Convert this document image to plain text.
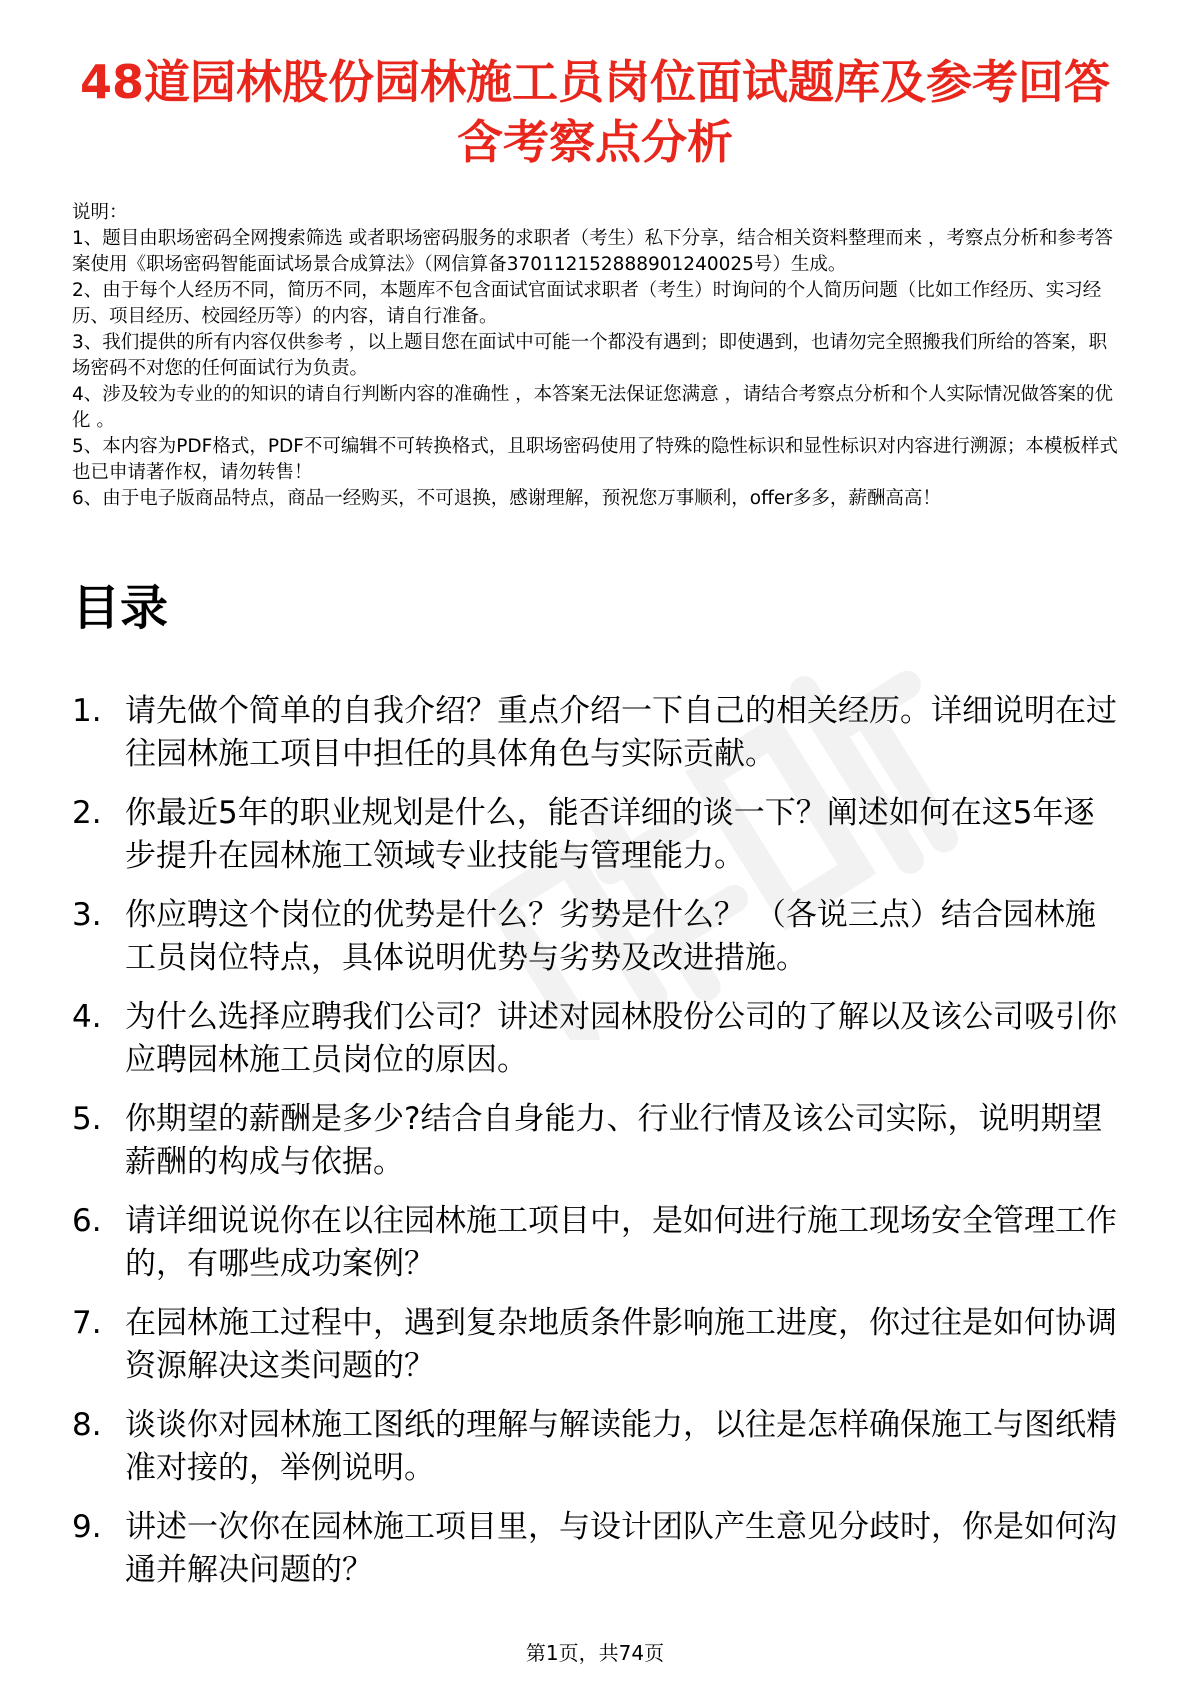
48道园林股份园林施工员岗位面试题库及参考回答含考察点分析

说明：

1、题目由职场密码全网搜索筛选 或者职场密码服务的求职者（考生）私下分享，结合相关资料整理而来 ，考察点分析和参考答案使用《职场密码智能面试场景合成算法》（网信算备370112152888901240025号）生成。

2、由于每个人经历不同，简历不同，本题库不包含面试官面试求职者（考生）时询问的个人简历问题（比如工作经历、实习经历、项目经历、校园经历等）的内容，请自行准备。

3、我们提供的所有内容仅供参考 ，以上题目您在面试中可能一个都没有遇到；即使遇到，也请勿完全照搬我们所给的答案，职场密码不对您的任何面试行为负责。

4、涉及较为专业的的知识的请自行判断内容的准确性 ，本答案无法保证您满意 ，请结合考察点分析和个人实际情况做答案的优化 。

5、本内容为PDF格式，PDF不可编辑不可转换格式，且职场密码使用了特殊的隐性标识和显性标识对内容进行溯源；本模板样式也已申请著作权，请勿转售！

6、由于电子版商品特点，商品一经购买，不可退换，感谢理解，预祝您万事顺利，offer多多，薪酬高高！

目录
1. 请先做个简单的自我介绍？重点介绍一下自己的相关经历。详细说明在过往园林施工项目中担任的具体角色与实际贡献。
2. 你最近5年的职业规划是什么，能否详细的谈一下？阐述如何在这5年逐步提升在园林施工领域专业技能与管理能力。
3. 你应聘这个岗位的优势是什么？劣势是什么？ （各说三点）结合园林施工员岗位特点，具体说明优势与劣势及改进措施。
4. 为什么选择应聘我们公司？讲述对园林股份公司的了解以及该公司吸引你应聘园林施工员岗位的原因。
5. 你期望的薪酬是多少?结合自身能力、行业行情及该公司实际，说明期望薪酬的构成与依据。
6. 请详细说说你在以往园林施工项目中，是如何进行施工现场安全管理工作的，有哪些成功案例？
7. 在园林施工过程中，遇到复杂地质条件影响施工进度，你过往是如何协调资源解决这类问题的？
8. 谈谈你对园林施工图纸的理解与解读能力，以往是怎样确保施工与图纸精准对接的，举例说明。
9. 讲述一次你在园林施工项目里，与设计团队产生意见分歧时，你是如何沟通并解决问题的？
第1页，共74页
